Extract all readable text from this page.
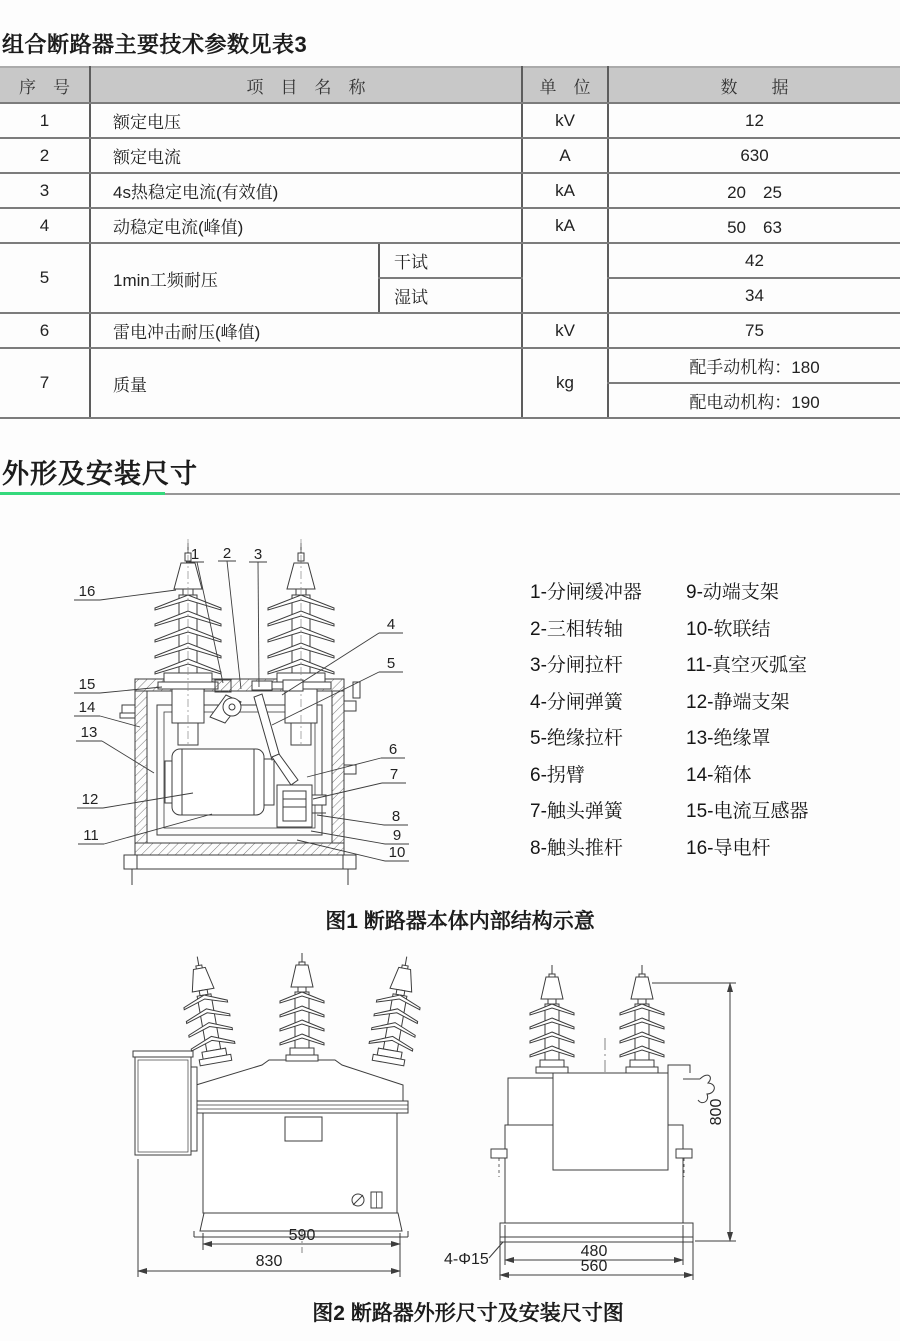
组合断路器主要技术参数见表3
序　号	项　目　名　称		单　位	数　　据
1	额定电压		kV	12
2	额定电流		A	630
3	4s热稳定电流(有效值)		kA	20　25
4	动稳定电流(峰值)		kA	50　63
5	1min工频耐压	干试		42
		湿试		34
6	雷电冲击耐压(峰值)		kV	75
7	质量		kg	配手动机构：180
				配电动机构：190
外形及安装尺寸
1 2 3
4
5
6
7
8
9
10
11
12
13
14
15
16	1-分闸缓冲器
2-三相转轴
3-分闸拉杆
4-分闸弹簧
5-绝缘拉杆
6-拐臂
7-触头弹簧
8-触头推杆
9-动端支架
10-软联结
11-真空灭弧室
12-静端支架
13-绝缘罩
14-箱体
15-电流互感器
16-导电杆
图1 断路器本体内部结构示意
590
830
480
560
800
4-Φ15
图2 断路器外形尺寸及安装尺寸图
